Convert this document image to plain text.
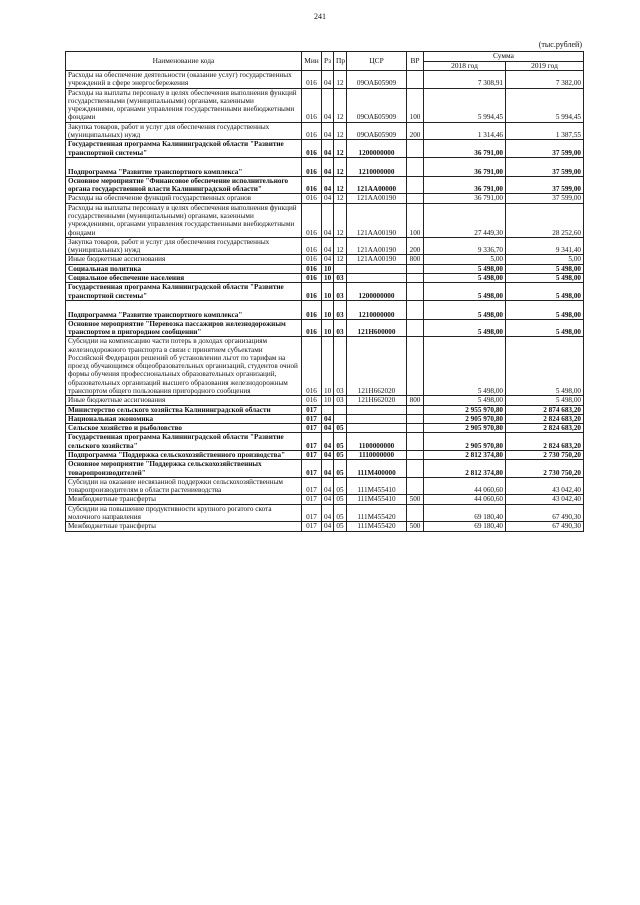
241
(тыс.рублей)
Наименование кода	Мин	Рз	Пр	ЦСР	ВР	Сумма	
						2018 год	2019 год
Расходы на обеспечение деятельности (оказание услуг) государственных учреждений в сфере энергосбережения	016	04	12	09ОАБ05909		7 308,91	7 382,00
Расходы на выплаты персоналу в целях обеспечения выполнения функций государственными (муниципальными) органами, казенными учреждениями, органами управления государственными внебюджетными фондами	016	04	12	09ОАБ05909	100	5 994,45	5 994,45
Закупка товаров, работ и услуг для обеспечения государственных (муниципальных) нужд	016	04	12	09ОАБ05909	200	1 314,46	1 387,55
Государственная программа Калининградской области "Развитие транспортной системы"	016	04	12	1200000000		36 791,00	37 599,00
Подпрограмма "Развитие транспортного комплекса"	016	04	12	1210000000		36 791,00	37 599,00
Основное мероприятие "Финансовое обеспечение исполнительного органа государственной власти Калининградской области"	016	04	12	121АА00000		36 791,00	37 599,00
Расходы на обеспечение функций государственных органов	016	04	12	121АА00190		36 791,00	37 599,00
Расходы на выплаты персоналу в целях обеспечения выполнения функций государственными (муниципальными) органами, казенными учреждениями, органами управления государственными внебюджетными фондами	016	04	12	121АА00190	100	27 449,30	28 252,60
Закупка товаров, работ и услуг для обеспечения государственных (муниципальных) нужд	016	04	12	121АА00190	200	9 336,70	9 341,40
Иные бюджетные ассигнования	016	04	12	121АА00190	800	5,00	5,00
Социальная политика	016	10				5 498,00	5 498,00
Социальное обеспечение населения	016	10	03			5 498,00	5 498,00
Государственная программа Калининградской области "Развитие транспортной системы"	016	10	03	1200000000		5 498,00	5 498,00
Подпрограмма "Развитие транспортного комплекса"	016	10	03	1210000000		5 498,00	5 498,00
Основное мероприятие "Перевозка пассажиров железнодорожным транспортом в пригородном сообщении"	016	10	03	121Н600000		5 498,00	5 498,00
Субсидии на компенсацию части потерь в доходах организациям железнодорожного транспорта в связи с принятием субъектами Российской Федерации решений об установлении льгот по тарифам на проезд обучающимся общеобразовательных организаций, студентов очной формы обучения профессиональных образовательных организаций, образовательных организаций высшего образования железнодорожным транспортом общего пользования пригородного сообщения	016	10	03	121Н662020		5 498,00	5 498,00
Иные бюджетные ассигнования	016	10	03	121Н662020	800	5 498,00	5 498,00
Министерство сельского хозяйства Калининградской области	017					2 955 970,80	2 874 683,20
Национальная экономика	017	04				2 905 970,80	2 824 683,20
Сельское хозяйство и рыболовство	017	04	05			2 905 970,80	2 824 683,20
Государственная программа Калининградской области "Развитие сельского хозяйства"	017	04	05	1100000000		2 905 970,80	2 824 683,20
Подпрограмма "Поддержка сельскохозяйственного производства"	017	04	05	1110000000		2 812 374,80	2 730 750,20
Основное мероприятие "Поддержка сельскохозяйственных товаропроизводителей"	017	04	05	111М400000		2 812 374,80	2 730 750,20
Субсидии на оказание несвязанной поддержки сельскохозяйственным товаропроизводителям в области растениеводства	017	04	05	111М455410		44 060,60	43 042,40
Межбюджетные трансферты	017	04	05	111М455410	500	44 060,60	43 042,40
Субсидии на повышение продуктивности крупного рогатого скота молочного направления	017	04	05	111М455420		69 180,40	67 490,30
Межбюджетные трансферты	017	04	05	111М455420	500	69 180,40	67 490,30
